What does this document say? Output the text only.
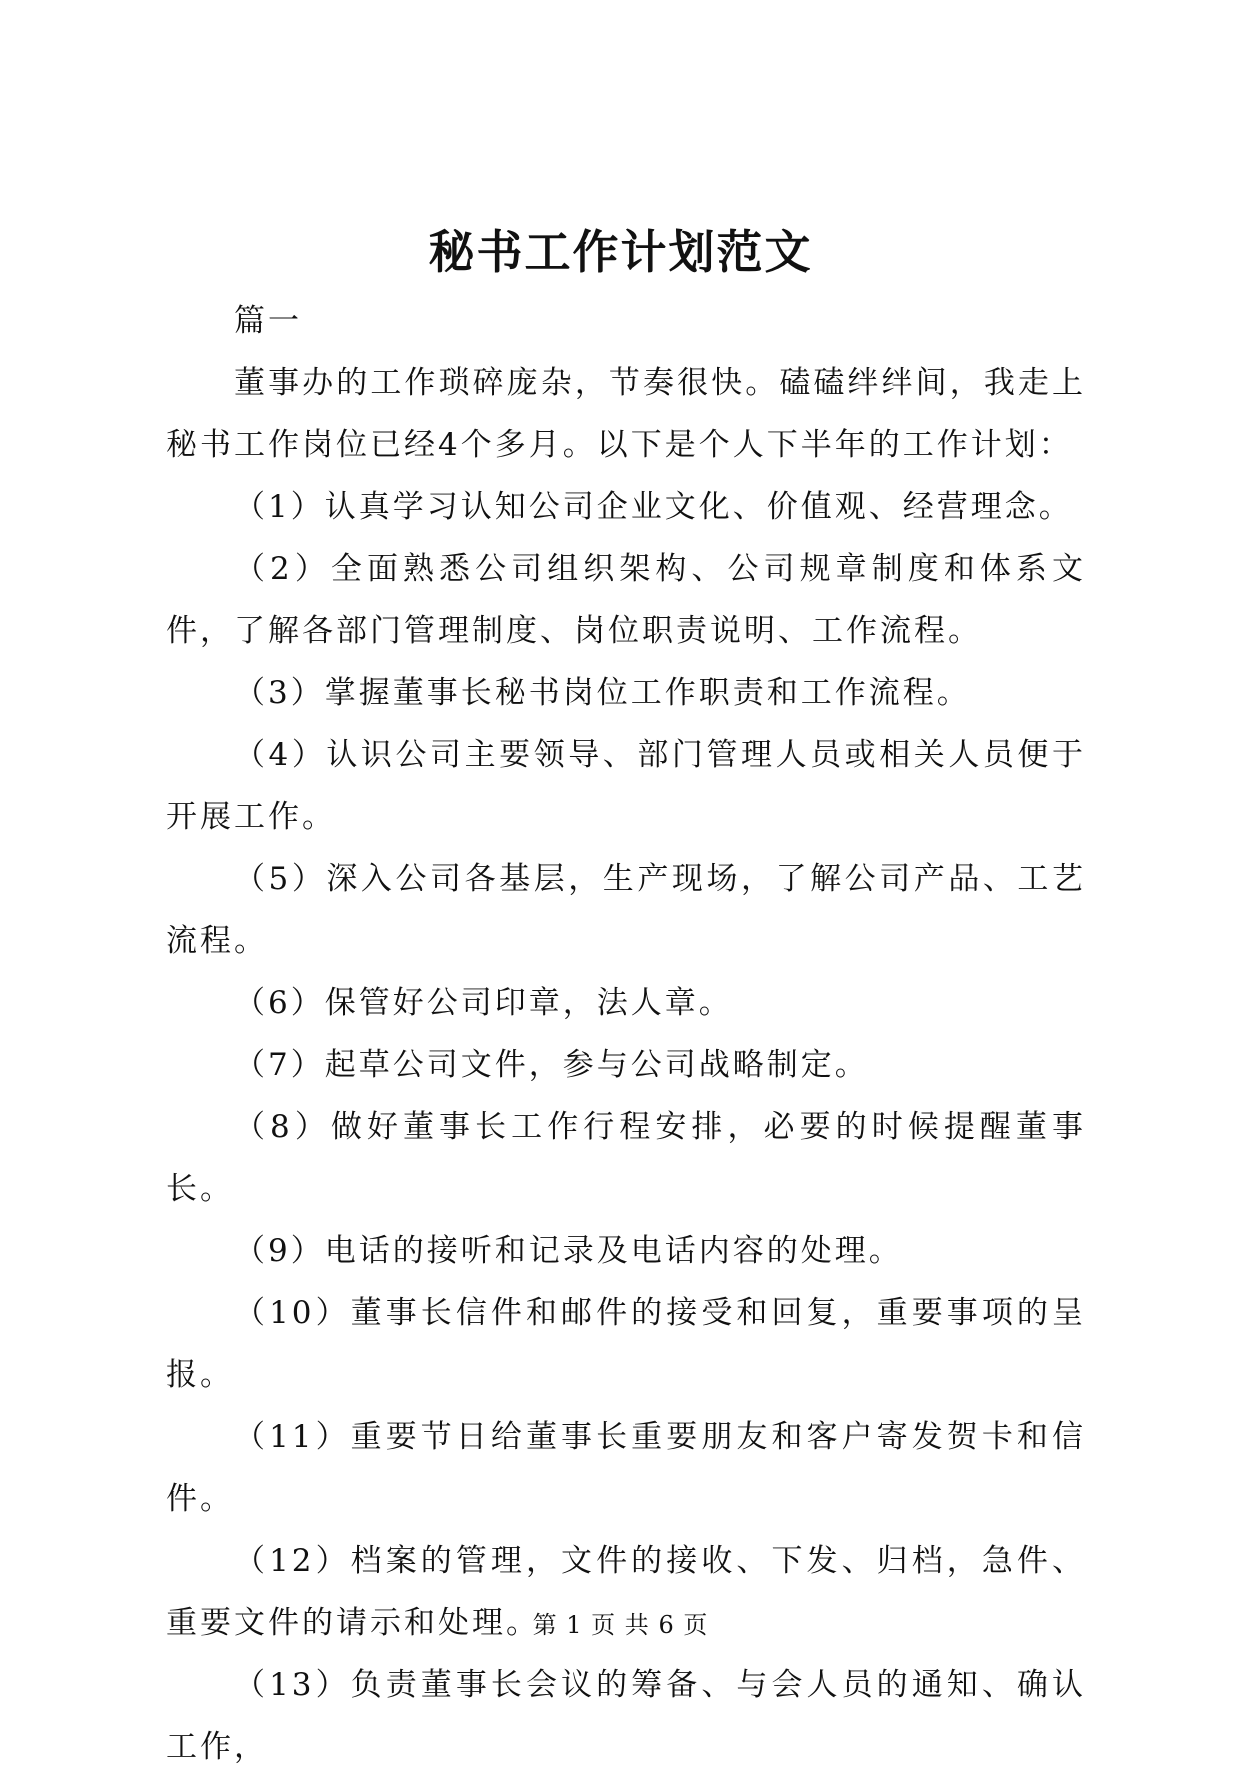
秘书工作计划范文

篇一

董事办的工作琐碎庞杂，节奏很快。磕磕绊绊间，我走上秘书工作岗位已经4个多月。以下是个人下半年的工作计划：

（1）认真学习认知公司企业文化、价值观、经营理念。

（2）全面熟悉公司组织架构、公司规章制度和体系文件，了解各部门管理制度、岗位职责说明、工作流程。

（3）掌握董事长秘书岗位工作职责和工作流程。

（4）认识公司主要领导、部门管理人员或相关人员便于开展工作。

（5）深入公司各基层，生产现场，了解公司产品、工艺流程。

（6）保管好公司印章，法人章。

（7）起草公司文件，参与公司战略制定。

（8）做好董事长工作行程安排，必要的时候提醒董事长。

（9）电话的接听和记录及电话内容的处理。

（10）董事长信件和邮件的接受和回复，重要事项的呈报。

（11）重要节日给董事长重要朋友和客户寄发贺卡和信件。

（12）档案的管理，文件的接收、下发、归档，急件、重要文件的请示和处理。

（13）负责董事长会议的筹备、与会人员的通知、确认工作，

第 1 页 共 6 页
